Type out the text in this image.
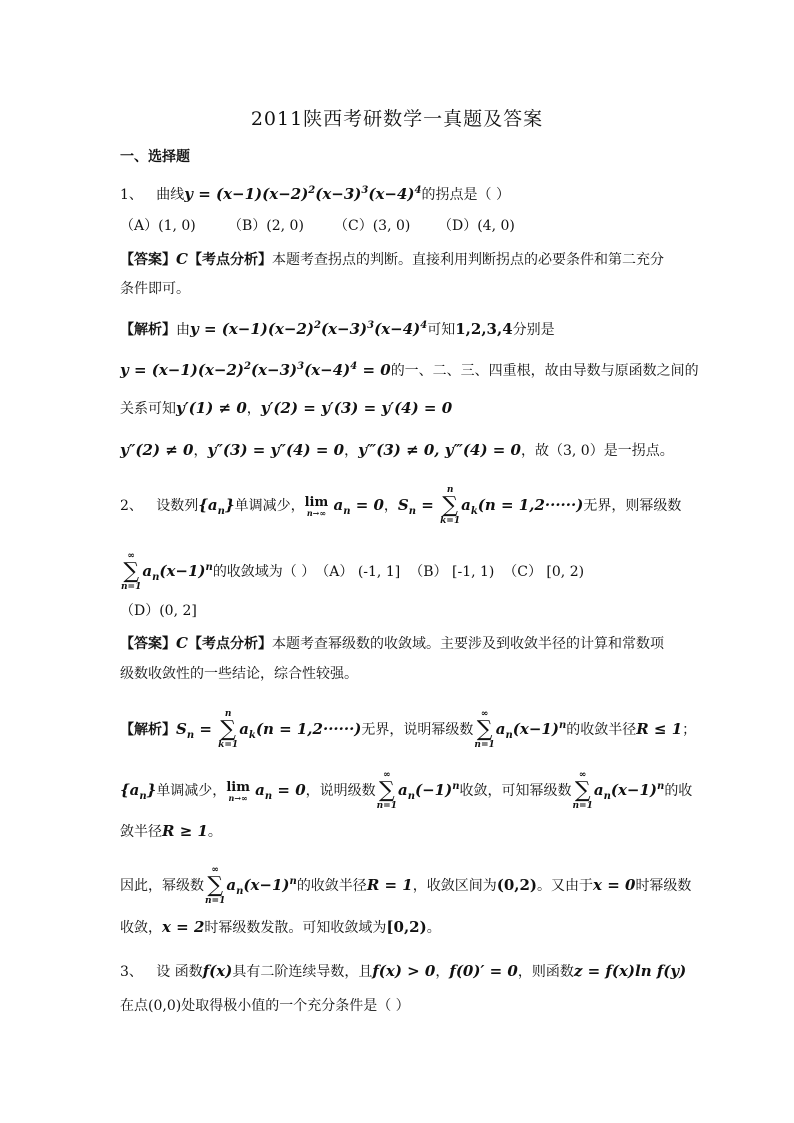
2011陕西考研数学一真题及答案
一、选择题
1、 曲线$y = (x-1)(x-2)^2(x-3)^3(x-4)^4$的拐点是（ ）
（A）(1, 0) （B）(2, 0) （C）(3, 0) （D）(4, 0)
【答案】C【考点分析】本题考查拐点的判断。直接利用判断拐点的必要条件和第二充分
条件即可。
【解析】由$y = (x-1)(x-2)^2(x-3)^3(x-4)^4$可知1,2,3,4分别是
$y = (x-1)(x-2)^2(x-3)^3(x-4)^4 = 0$的一、二、三、四重根，故由导数与原函数之间的
关系可知y′(1) ≠ 0，y′(2) = y′(3) = y′(4) = 0
y″(2) ≠ 0，y″(3) = y″(4) = 0，y‴(3) ≠ 0, y‴(4) = 0，故（3, 0）是一拐点。
2、 设数列$\{a_n\}$单调减少， lim
n→∞ $a_n = 0$，$S_n$ =
n
∑
k=1
$a_k(n = 1,2\cdot\cdot\cdot\cdot\cdot\cdot)$无界，则幂级数
∞
∑
n=1
$a_n(x-1)^n$的收敛域为（ ）（A） (-1, 1] （B） [-1, 1) （C） [0, 2)
（D）(0, 2]
【答案】C【考点分析】本题考查幂级数的收敛域。主要涉及到收敛半径的计算和常数项
级数收敛性的一些结论，综合性较强。
【解析】$S_n$ =
n
∑
k=1
$a_k(n = 1,2\cdot\cdot\cdot\cdot\cdot\cdot)$无界，说明幂级数
∞
∑
n=1
$a_n(x-1)^n$的收敛半径R ≤ 1；
$\{a_n\}$单调减少， lim
n→∞ $a_n = 0$，说明级数
∞
∑
n=1
$a_n(-1)^n$收敛，可知幂级数
∞
∑
n=1
$a_n(x-1)^n$的收
敛半径R ≥ 1。
因此，幂级数
∞
∑
n=1
$a_n(x-1)^n$的收敛半径R = 1，收敛区间为(0,2)。又由于x = 0时幂级数
收敛，x = 2时幂级数发散。可知收敛域为[0,2)。
3、 设 函数f(x)具有二阶连续导数，且f(x) > 0，f(0)′ = 0，则函数z = f(x)ln f(y)
在点(0,0)处取得极小值的一个充分条件是（ ）
